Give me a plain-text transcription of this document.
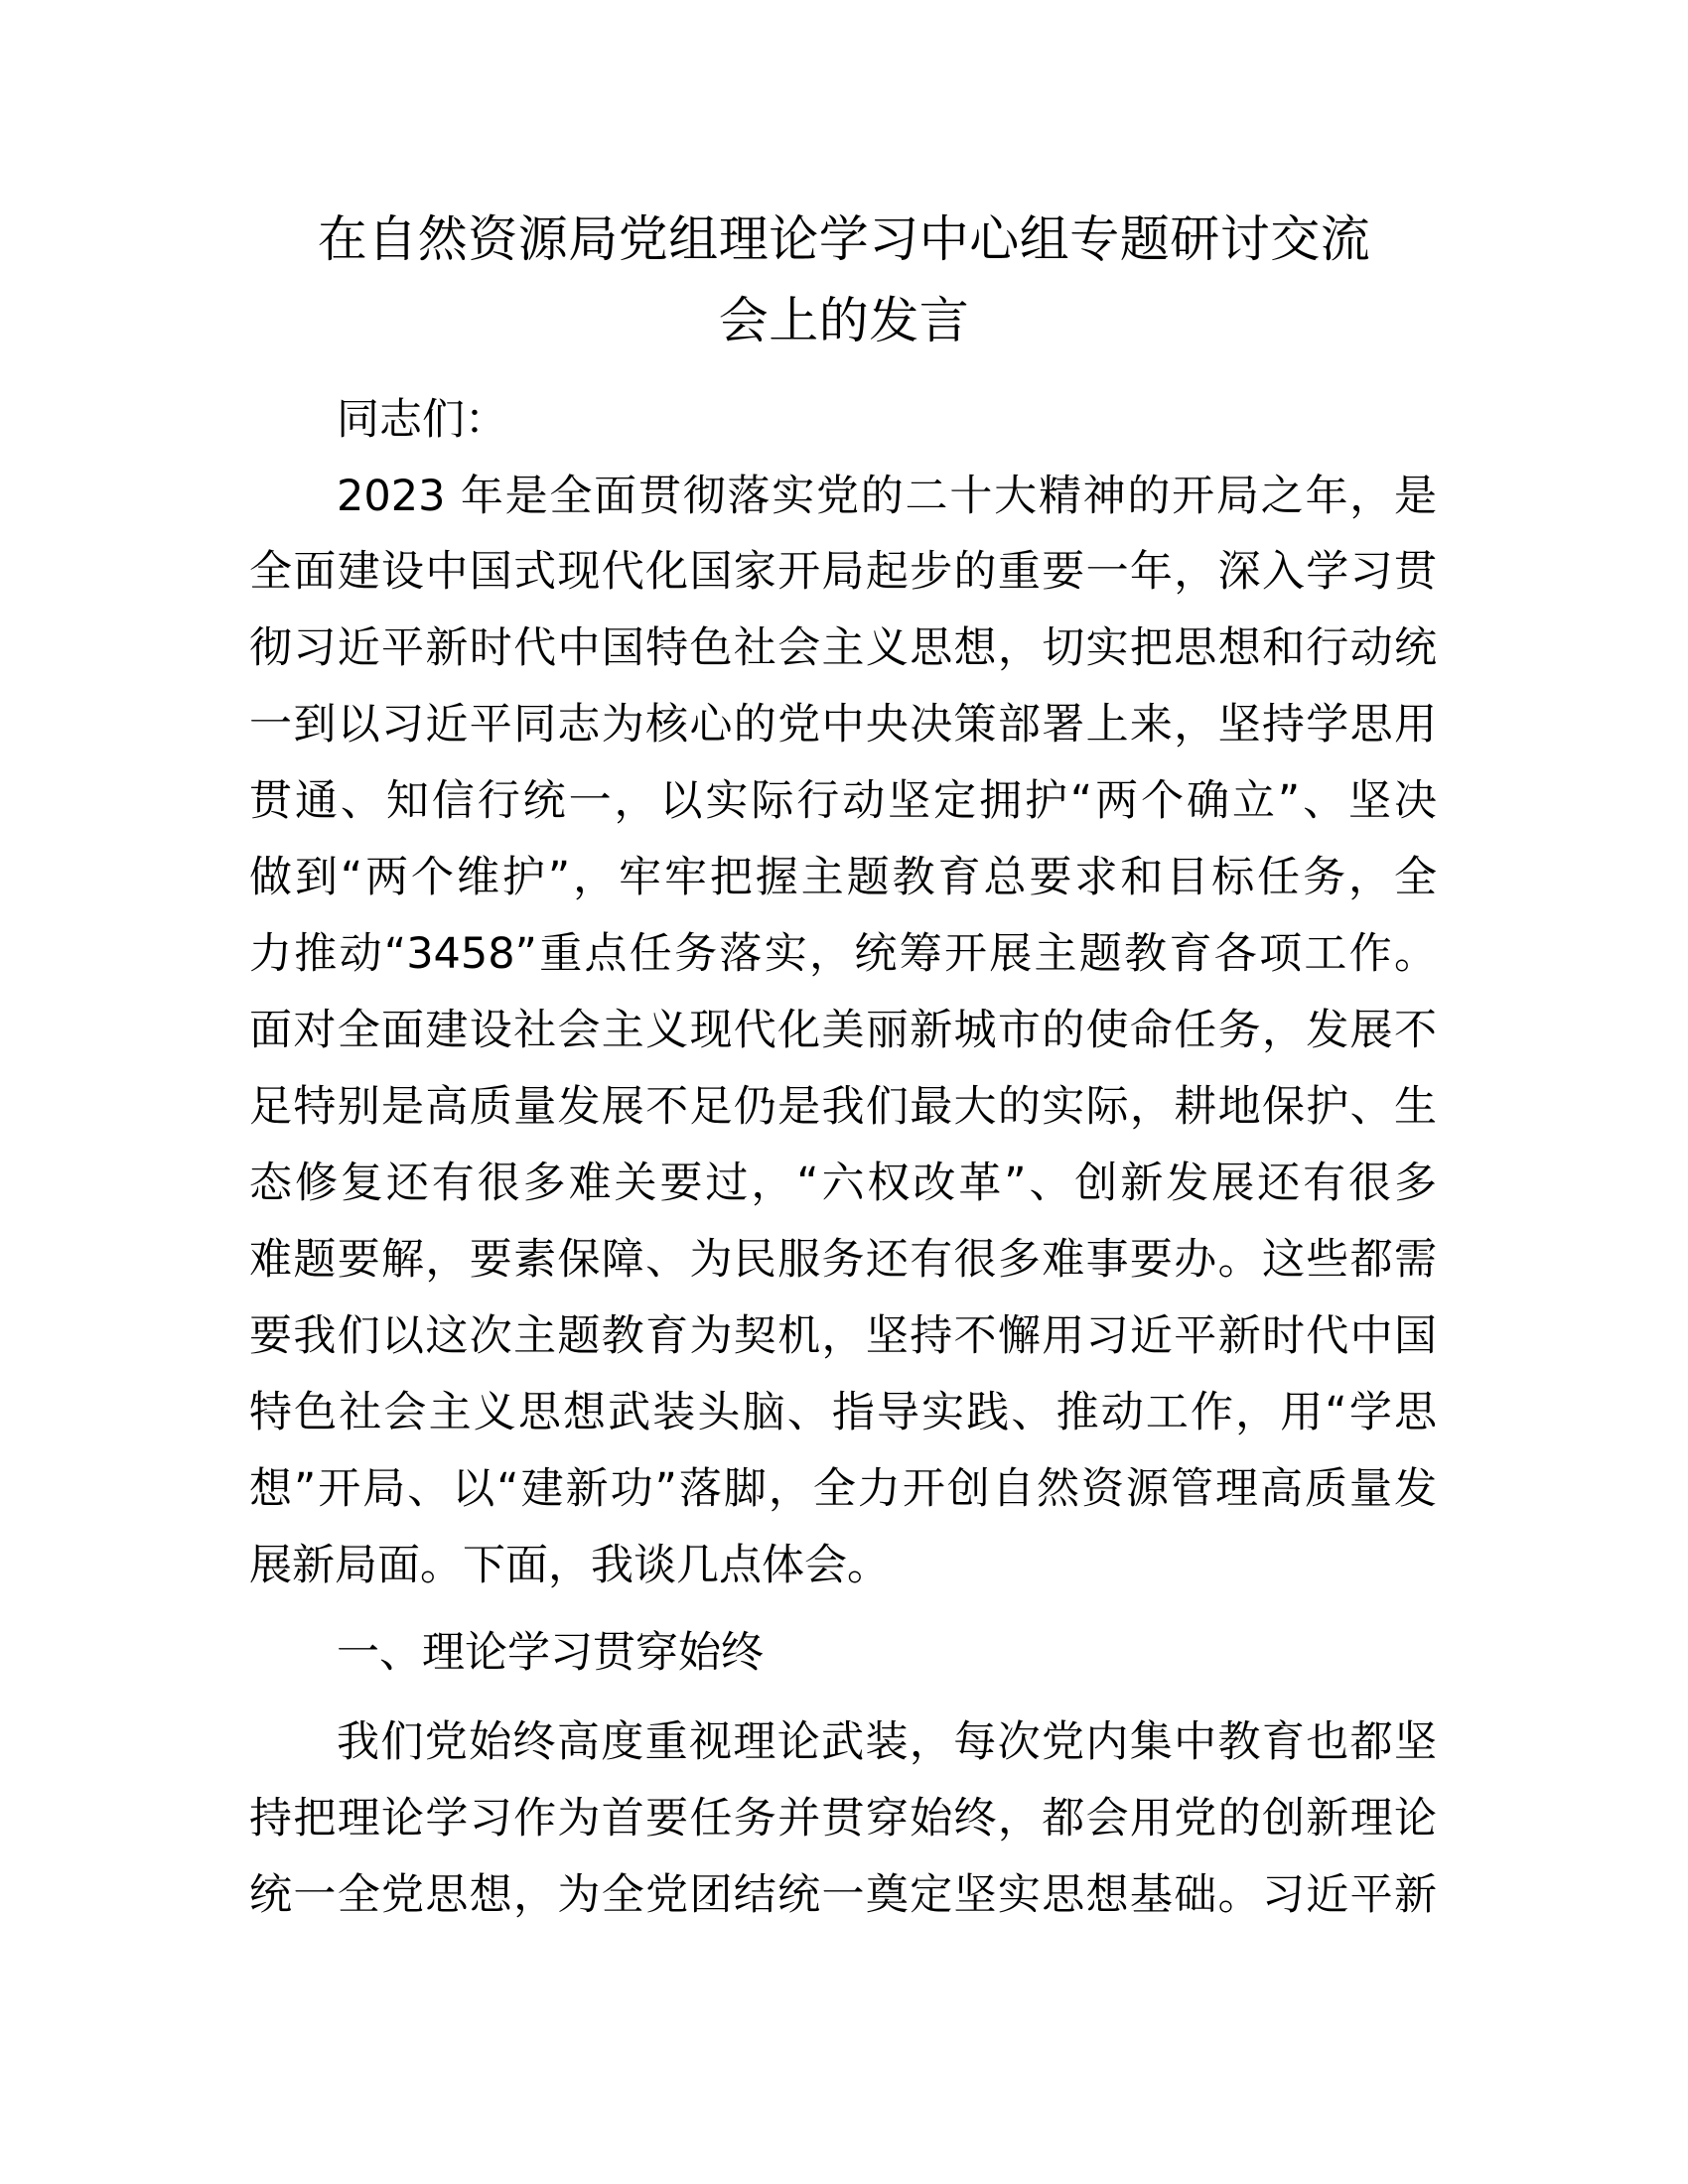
在自然资源局党组理论学习中心组专题研讨交流
会上的发言
同志们：
2023 年是全面贯彻落实党的二十大精神的开局之年，是
全面建设中国式现代化国家开局起步的重要一年，深入学习贯
彻习近平新时代中国特色社会主义思想，切实把思想和行动统
一到以习近平同志为核心的党中央决策部署上来，坚持学思用
贯通、知信行统一，以实际行动坚定拥护“两个确立”、坚决
做到“两个维护”，牢牢把握主题教育总要求和目标任务，全
力推动“3458”重点任务落实，统筹开展主题教育各项工作。
面对全面建设社会主义现代化美丽新城市的使命任务，发展不
足特别是高质量发展不足仍是我们最大的实际，耕地保护、生
态修复还有很多难关要过，“六权改革”、创新发展还有很多
难题要解，要素保障、为民服务还有很多难事要办。这些都需
要我们以这次主题教育为契机，坚持不懈用习近平新时代中国
特色社会主义思想武装头脑、指导实践、推动工作，用“学思
想”开局、以“建新功”落脚，全力开创自然资源管理高质量发
展新局面。下面，我谈几点体会。
一、理论学习贯穿始终
我们党始终高度重视理论武装，每次党内集中教育也都坚
持把理论学习作为首要任务并贯穿始终，都会用党的创新理论
统一全党思想，为全党团结统一奠定坚实思想基础。习近平新
